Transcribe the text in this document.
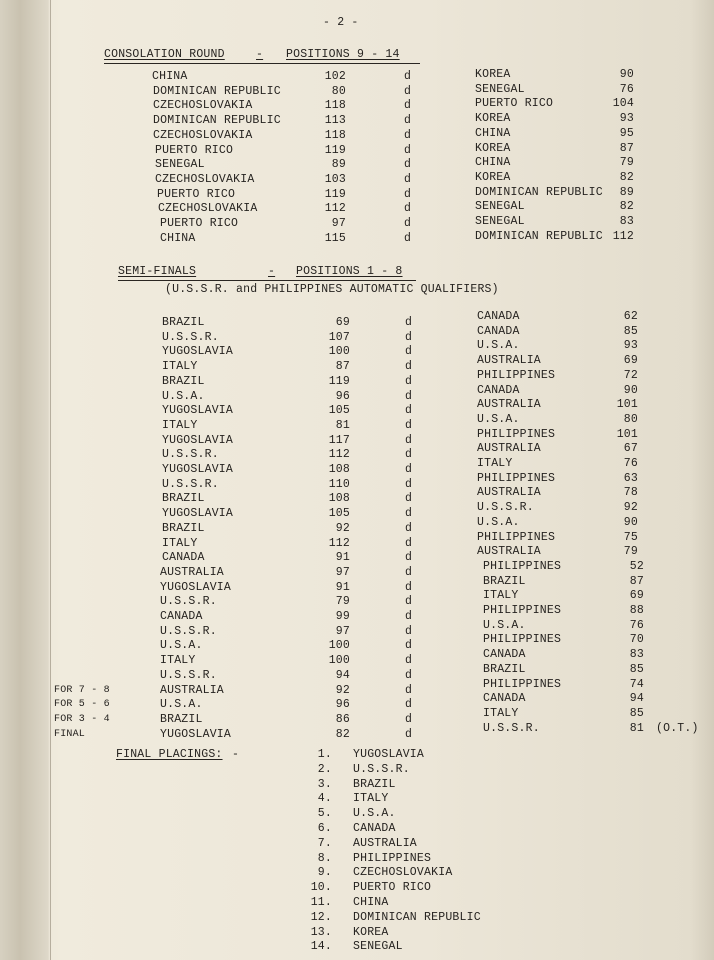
- 2 -
CONSOLATION ROUND	- POSITIONS 9 - 14
CHINA	102	d	KOREA	90
DOMINICAN REPUBLIC	80	d	SENEGAL	76
CZECHOSLOVAKIA	118	d	PUERTO RICO	104
DOMINICAN REPUBLIC	113	d	KOREA	93
CZECHOSLOVAKIA	118	d	CHINA	95
PUERTO RICO	119	d	KOREA	87
SENEGAL	89	d	CHINA	79
CZECHOSLOVAKIA	103	d	KOREA	82
PUERTO RICO	119	d	DOMINICAN REPUBLIC	89
CZECHOSLOVAKIA	112	d	SENEGAL	82
PUERTO RICO	97	d	SENEGAL	83
CHINA	115	d	DOMINICAN REPUBLIC 112
SEMI-FINALS	- POSITIONS 1 - 8
(U.S.S.R. and PHILIPPINES AUTOMATIC QUALIFIERS)
BRAZIL	69	d	CANADA	62
U.S.S.R.	107	d	CANADA	85
YUGOSLAVIA	100	d	U.S.A.	93
ITALY	87	d	AUSTRALIA	69
BRAZIL	119	d	PHILIPPINES	72
U.S.A.	96	d	CANADA	90
YUGOSLAVIA	105	d	AUSTRALIA	101
ITALY	81	d	U.S.A.	80
YUGOSLAVIA	117	d	PHILIPPINES	101
U.S.S.R.	112	d	AUSTRALIA	67
YUGOSLAVIA	108	d	ITALY	76
U.S.S.R.	110	d	PHILIPPINES	63
BRAZIL	108	d	AUSTRALIA	78
YUGOSLAVIA	105	d	U.S.S.R.	92
BRAZIL	92	d	U.S.A.	90
ITALY	112	d	PHILIPPINES	75
CANADA	91	d	AUSTRALIA	79
AUSTRALIA	97	d	PHILIPPINES	52
YUGOSLAVIA	91	d	BRAZIL	87
U.S.S.R.	79	d	ITALY	69
CANADA	99	d	PHILIPPINES	88
U.S.S.R.	97	d	U.S.A.	76
U.S.A.	100	d	PHILIPPINES	70
ITALY	100	d	CANADA	83
U.S.S.R.	94	d	BRAZIL	85
FOR 7 - 8	AUSTRALIA	92	d	PHILIPPINES	74
FOR 5 - 6	U.S.A.	96	d	CANADA	94
FOR 3 - 4	BRAZIL	86	d	ITALY	85
FINAL	YUGOSLAVIA	82	d	U.S.S.R.	81 (O.T.)
FINAL PLACINGS: -	1. YUGOSLAVIA
2. U.S.S.R.
3. BRAZIL
4. ITALY
5. U.S.A.
6. CANADA
7. AUSTRALIA
8. PHILIPPINES
9. CZECHOSLOVAKIA
10. PUERTO RICO
11. CHINA
12. DOMINICAN REPUBLIC
13. KOREA
14. SENEGAL
